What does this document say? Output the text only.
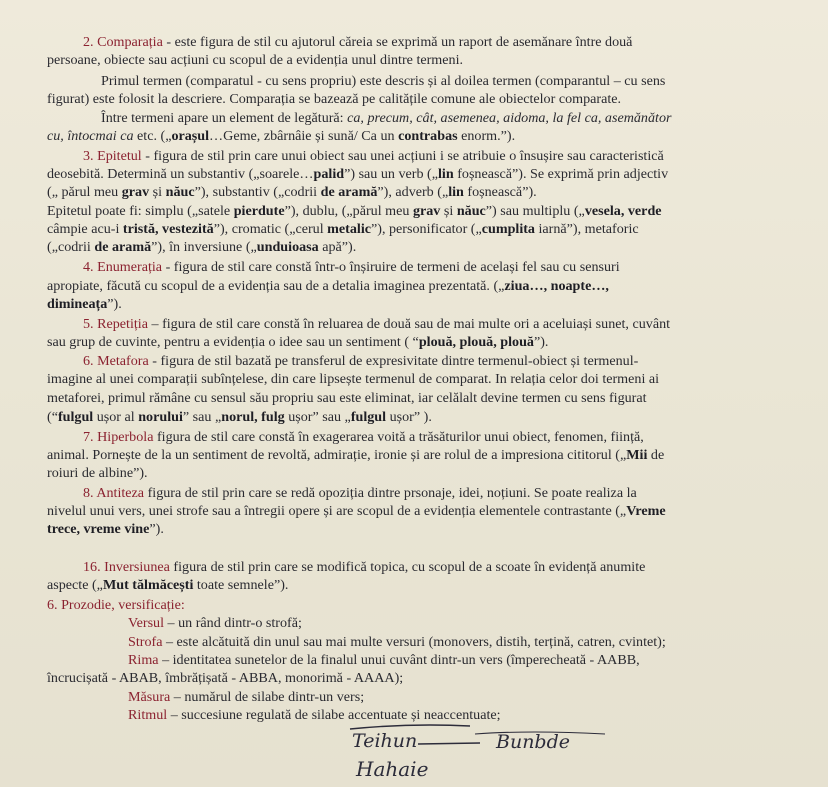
2. Comparația - este figura de stil cu ajutorul căreia se exprimă un raport de asemănare între două
persoane, obiecte sau acțiuni cu scopul de a evidenția unul dintre termeni.
Primul termen (comparatul - cu sens propriu) este descris și al doilea termen (comparantul – cu sens
figurat) este folosit la descriere. Comparația se bazează pe calitățile comune ale obiectelor comparate.
Între termeni apare un element de legătură: ca, precum, cât, asemenea, aidoma, la fel ca, asemănător
cu, întocmai ca etc. („orașul…Geme, zbârnâie și sună/ Ca un contrabas enorm.”).
3. Epitetul - figura de stil prin care unui obiect sau unei acțiuni i se atribuie o însușire sau caracteristică
deosebită. Determină un substantiv („soarele…palid”) sau un verb („lin foșnească”). Se exprimă prin adjectiv
(„ părul meu grav și năuc”), substantiv („codrii de aramă”), adverb („lin foșnească”).
Epitetul poate fi: simplu („satele pierdute”), dublu, („părul meu grav și năuc”) sau multiplu („vesela, verde
câmpie acu-i tristă, vestezită”), cromatic („cerul metalic”), personificator („cumplita iarnă”), metaforic
(„codrii de aramă”), în inversiune („unduioasa apă”).
4. Enumerația - figura de stil care constă într-o înșiruire de termeni de același fel sau cu sensuri
apropiate, făcută cu scopul de a evidenția sau de a detalia imaginea prezentată. („ziua…, noapte…,
dimineața”).
5. Repetiția – figura de stil care constă în reluarea de două sau de mai multe ori a aceluiași sunet, cuvânt
sau grup de cuvinte, pentru a evidenția o idee sau un sentiment ( “plouă, plouă, plouă”).
6. Metafora - figura de stil bazată pe transferul de expresivitate dintre termenul-obiect și termenul-
imagine al unei comparații subînțelese, din care lipsește termenul de comparat. In relația celor doi termeni ai
metaforei, primul rămâne cu sensul său propriu sau este eliminat, iar celălalt devine termen cu sens figurat
(“fulgul ușor al norului” sau „norul, fulg ușor” sau „fulgul ușor” ).
7. Hiperbola figura de stil care constă în exagerarea voită a trăsăturilor unui obiect, fenomen, ființă,
animal. Pornește de la un sentiment de revoltă, admirație, ironie și are rolul de a impresiona cititorul („Mii de
roiuri de albine”).
8. Antiteza figura de stil prin care se redă opoziția dintre prsonaje, idei, noțiuni. Se poate realiza la
nivelul unui vers, unei strofe sau a întregii opere și are scopul de a evidenția elementele contrastante („Vreme
trece, vreme vine”).
16. Inversiunea figura de stil prin care se modifică topica, cu scopul de a scoate în evidență anumite
aspecte („Mut tălmăcești toate semnele”).
6. Prozodie, versificație:
Versul – un rând dintr-o strofă;
Strofa – este alcătuită din unul sau mai multe versuri (monovers, distih, terțină, catren, cvintet);
Rima – identitatea sunetelor de la finalul unui cuvânt dintr-un vers (împerecheată - AABB,
încrucișată - ABAB, îmbrățișată - ABBA, monorimă - AAAA);
Măsura – numărul de silabe dintr-un vers;
Ritmul – succesiune regulată de silabe accentuate și neaccentuate;
Teihun	Bunbde
Hahaie
